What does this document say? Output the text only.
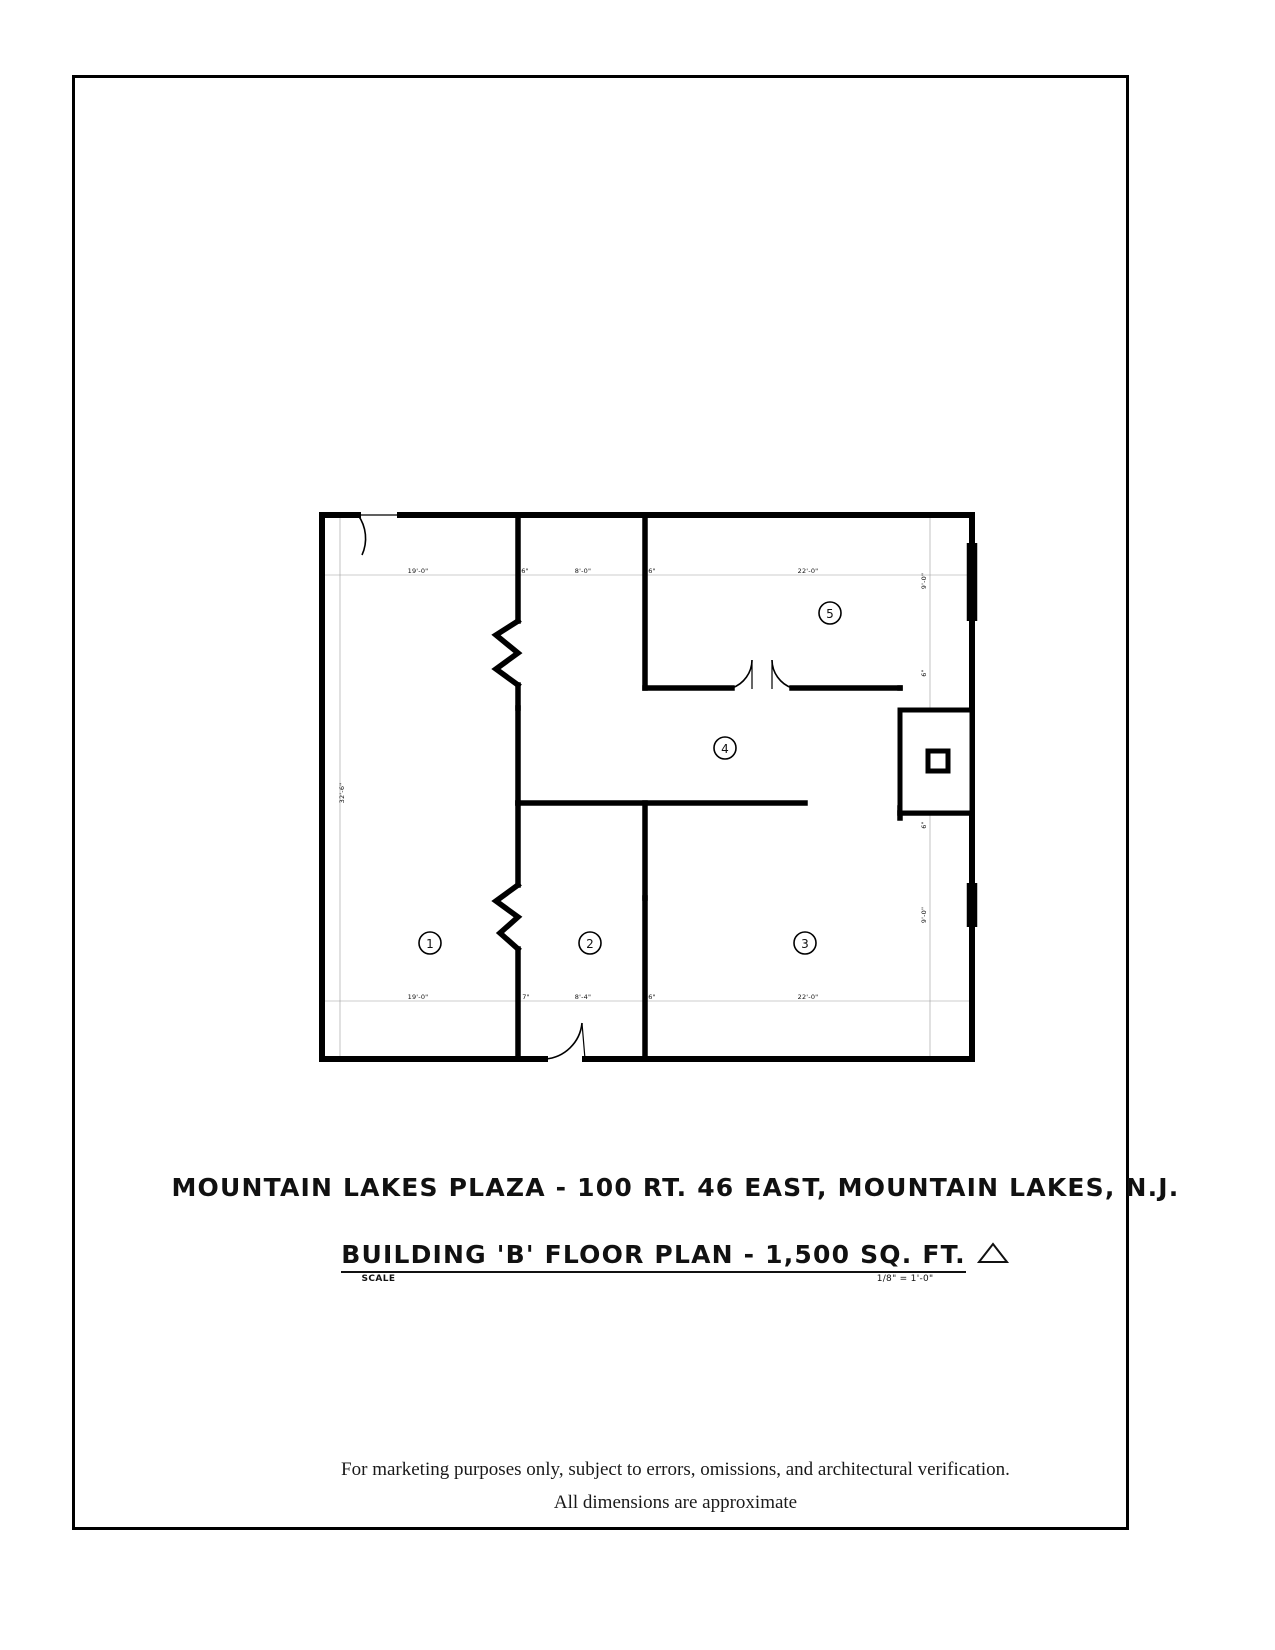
1	2	3
4
5
19'-0"	6"	8'-0"	6"	22'-0"
19'-0"	7"	8'-4"	6"	22'-0"
32'-6"
9'-0"
6"
6"
9'-0"
MOUNTAIN LAKES PLAZA - 100 RT. 46 EAST, MOUNTAIN LAKES, N.J.
BUILDING 'B' FLOOR PLAN - 1,500 SQ. FT.
SCALE	1/8" = 1'-0"
For marketing purposes only, subject to errors, omissions, and architectural verification.
All dimensions are approximate
